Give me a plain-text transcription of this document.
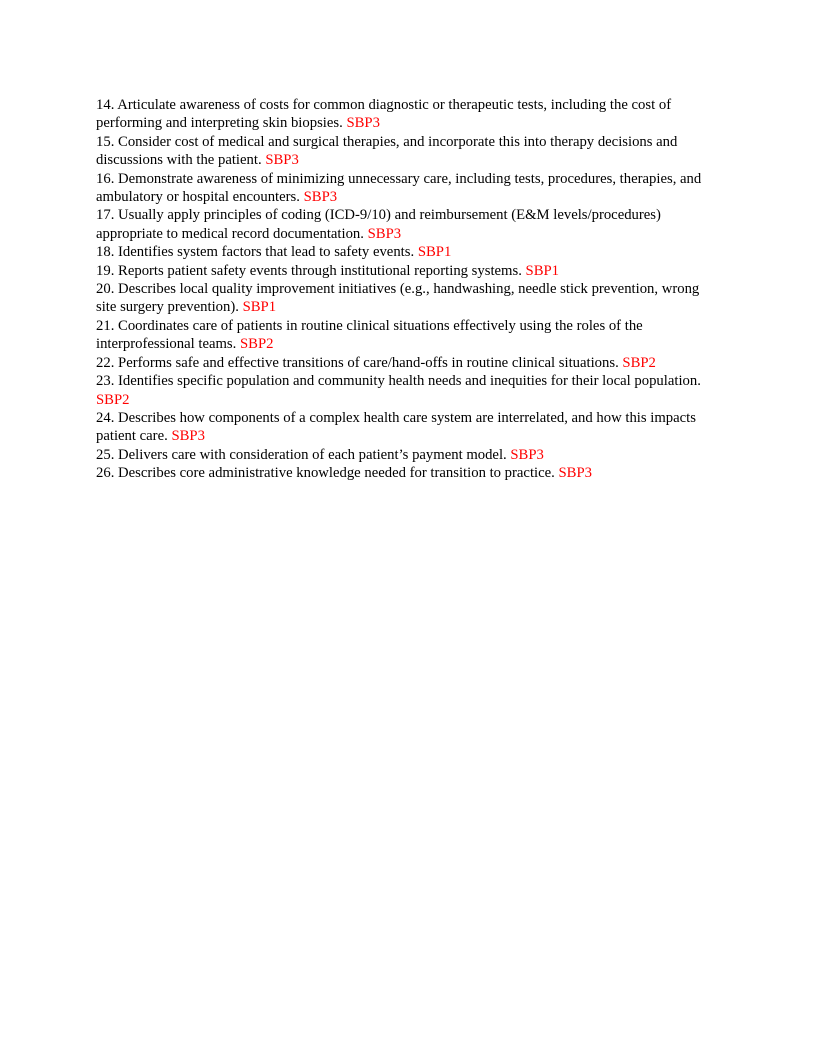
14. Articulate awareness of costs for common diagnostic or therapeutic tests, including the cost of performing and interpreting skin biopsies. SBP3

15. Consider cost of medical and surgical therapies, and incorporate this into therapy decisions and discussions with the patient. SBP3

16. Demonstrate awareness of minimizing unnecessary care, including tests, procedures, therapies, and ambulatory or hospital encounters. SBP3

17. Usually apply principles of coding (ICD-9/10) and reimbursement (E&M levels/procedures) appropriate to medical record documentation. SBP3

18. Identifies system factors that lead to safety events. SBP1

19. Reports patient safety events through institutional reporting systems. SBP1

20. Describes local quality improvement initiatives (e.g., handwashing, needle stick prevention, wrong site surgery prevention). SBP1

21. Coordinates care of patients in routine clinical situations effectively using the roles of the interprofessional teams. SBP2

22. Performs safe and effective transitions of care/hand-offs in routine clinical situations. SBP2

23. Identifies specific population and community health needs and inequities for their local population. SBP2

24. Describes how components of a complex health care system are interrelated, and how this impacts patient care. SBP3

25. Delivers care with consideration of each patient’s payment model. SBP3

26. Describes core administrative knowledge needed for transition to practice. SBP3
